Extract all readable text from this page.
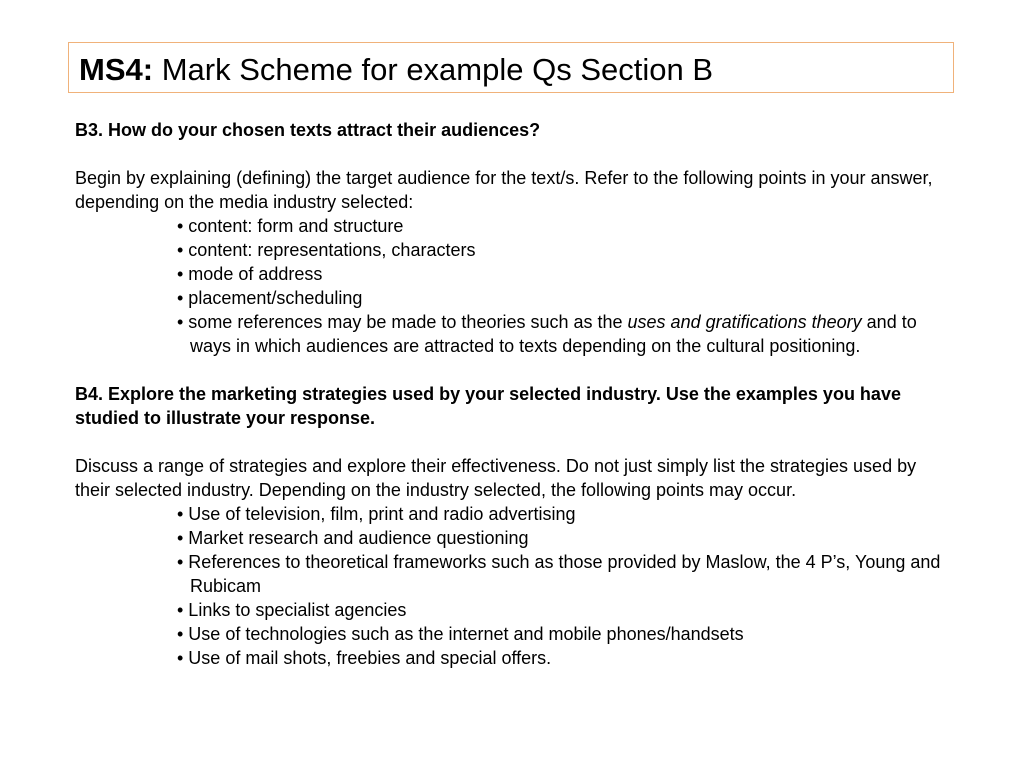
MS4: Mark Scheme for example Qs Section B

B3. How do your chosen texts attract their audiences?

Begin by explaining (defining) the target audience for the text/s. Refer to the following points in your answer, depending on the media industry selected:

• content: form and structure
• content: representations, characters
• mode of address
• placement/scheduling
• some references may be made to theories such as the uses and gratifications theory and to ways in which audiences are attracted to texts depending on the cultural positioning.

B4. Explore the marketing strategies used by your selected industry. Use the examples you have studied to illustrate your response.

Discuss a range of strategies and explore their effectiveness. Do not just simply list the strategies used by their selected industry. Depending on the industry selected, the following points may occur.

• Use of television, film, print and radio advertising
• Market research and audience questioning
• References to theoretical frameworks such as those provided by Maslow, the 4 P’s, Young and Rubicam
• Links to specialist agencies
• Use of technologies such as the internet and mobile phones/handsets
• Use of mail shots, freebies and special offers.
